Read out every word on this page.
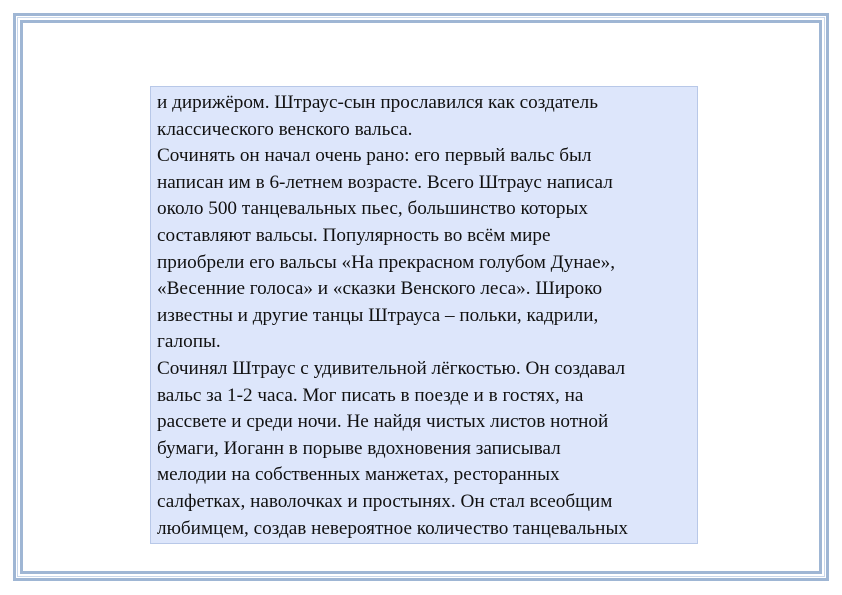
и дирижёром. Штраус-сын прославился как создатель
классического венского вальса.
Сочинять он начал очень рано: его первый вальс был
написан им в 6-летнем возрасте. Всего Штраус написал
около 500 танцевальных пьес, большинство которых
составляют вальсы. Популярность во всём мире
приобрели его вальсы «На прекрасном голубом Дунае»,
«Весенние голоса» и «сказки Венского леса». Широко
известны и другие танцы Штрауса – польки, кадрили,
галопы.
Сочинял Штраус с удивительной лёгкостью. Он создавал
вальс за 1-2 часа. Мог писать в поезде и в гостях, на
рассвете и среди ночи. Не найдя чистых листов нотной
бумаги, Иоганн в порыве вдохновения записывал
мелодии на собственных манжетах, ресторанных
салфетках, наволочках и простынях. Он стал всеобщим
любимцем, создав невероятное количество танцевальных
